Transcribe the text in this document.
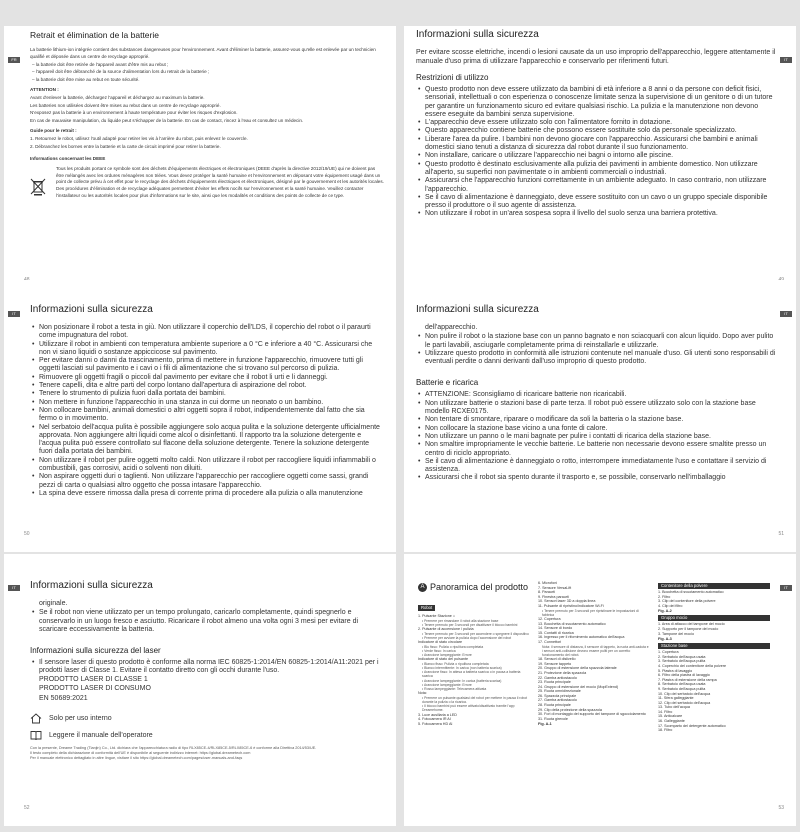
FR
Retrait et élimination de la batterie

La batterie lithium-ion intégrée contient des substances dangereuses pour l'environnement. Avant d'éliminer la batterie, assurez-vous qu'elle est enlevée par un technicien qualifié et déposée dans un centre de recyclage approprié.

– la batterie doit être retirée de l'appareil avant d'être mis au rebut ;

– l'appareil doit être débranché de la source d'alimentation lors du retrait de la batterie ;

– la batterie doit être mise au rebut en toute sécurité.

ATTENTION :

Avant d'enlever la batterie, déchargez l'appareil et déchargez au maximum la batterie.

Les batteries non utilisées doivent être mises au rebut dans un centre de recyclage approprié.

N'exposez pas la batterie à un environnement à haute température pour éviter les risques d'explosion.

En cas de mauvaise manipulation, du liquide peut s'échapper de la batterie. En cas de contact, rincez à l'eau et consultez un médecin.

Guide pour le retrait :

1. Retournez le robot, utilisez l'outil adapté pour retirer les vis à l'arrière du robot, puis enlevez le couvercle.

2. Débranchez les bornes entre la batterie et la carte de circuit imprimé pour retirer la batterie.

Informations concernant les DEEE

Tous les produits portant ce symbole sont des déchets d'équipements électriques et électroniques (DEEE d'après la directive 2012/19/UE) qui ne doivent pas être mélangés avec les ordures ménagères non triées. Vous devez protéger la santé humaine et l'environnement en déposant votre équipement usagé dans un point de collecte prévu à cet effet pour le recyclage des déchets d'équipements électriques et électroniques, désigné par le gouvernement et les autorités locales. Des procédures d'élimination et de recyclage adéquates permettent d'éviter les effets nocifs sur l'environnement et la santé humaine. Veuillez contacter l'installateur ou les autorités locales pour plus d'informations sur le site, ainsi que les modalités et conditions des points de collecte de ce type.
IT
Informazioni sulla sicurezza

Per evitare scosse elettriche, incendi o lesioni causate da un uso improprio dell'apparecchio, leggere attentamente il manuale d'uso prima di utilizzare l'apparecchio e conservarlo per riferimenti futuri.

Restrizioni di utilizzo
• Questo prodotto non deve essere utilizzato da bambini di età inferiore a 8 anni o da persone con deficit fisici, sensoriali, intellettuali o con esperienza o conoscenze limitate senza la supervisione di un genitore o di un tutore per garantire un funzionamento sicuro ed evitare qualsiasi rischio. La pulizia e la manutenzione non devono essere eseguite da bambini senza supervisione.
• L'apparecchio deve essere utilizzato solo con l'alimentatore fornito in dotazione.
• Questo apparecchio contiene batterie che possono essere sostituite solo da personale specializzato.
• Liberare l'area da pulire. I bambini non devono giocare con l'apparecchio. Assicurarsi che bambini e animali domestici siano tenuti a distanza di sicurezza dal robot durante il suo funzionamento.
• Non installare, caricare o utilizzare l'apparecchio nei bagni o intorno alle piscine.
• Questo prodotto è destinato esclusivamente alla pulizia dei pavimenti in ambiente domestico. Non utilizzare all'aperto, su superfici non pavimentate o in ambienti commerciali o industriali.
• Assicurarsi che l'apparecchio funzioni correttamente in un ambiente adeguato. In caso contrario, non utilizzare l'apparecchio.
• Se il cavo di alimentazione è danneggiato, deve essere sostituito con un cavo o un gruppo speciale disponibile presso il produttore o il suo agente di assistenza.
• Non utilizzare il robot in un'area sospesa sopra il livello del suolo senza una barriera protettiva.
IT	Informazioni sulla sicurezza
• Non posizionare il robot a testa in giù. Non utilizzare il coperchio dell'LDS, il coperchio del robot o il paraurti come impugnatura del robot.
• Utilizzare il robot in ambienti con temperatura ambiente superiore a 0 °C e inferiore a 40 °C. Assicurarsi che non vi siano liquidi o sostanze appiccicose sul pavimento.
• Per evitare danni o danni da trascinamento, prima di mettere in funzione l'apparecchio, rimuovere tutti gli oggetti lasciati sul pavimento e i cavi o i fili di alimentazione che si trovano sul percorso di pulizia.
• Rimuovere gli oggetti fragili o piccoli dal pavimento per evitare che il robot li urti e li danneggi.
• Tenere capelli, dita e altre parti del corpo lontano dall'apertura di aspirazione del robot.
• Tenere lo strumento di pulizia fuori dalla portata dei bambini.
• Non mettere in funzione l'apparecchio in una stanza in cui dorme un neonato o un bambino.
• Non collocare bambini, animali domestici o altri oggetti sopra il robot, indipendentemente dal fatto che sia fermo o in movimento.
• Nel serbatoio dell'acqua pulita è possibile aggiungere solo acqua pulita e la soluzione detergente ufficialmente approvata. Non aggiungere altri liquidi come alcol o disinfettanti. Il rapporto tra la soluzione detergente e l'acqua pulita può essere controllato sul flacone della soluzione detergente. Tenere la soluzione detergente fuori dalla portata dei bambini.
• Non utilizzare il robot per pulire oggetti molto caldi. Non utilizzare il robot per raccogliere liquidi infiammabili o combustibili, gas corrosivi, acidi o solventi non diluiti.
• Non aspirare oggetti duri o taglienti. Non utilizzare l'apparecchio per raccogliere oggetti come sassi, grandi pezzi di carta o qualsiasi altro oggetto che possa intasare l'apparecchio.
• La spina deve essere rimossa dalla presa di corrente prima di procedere alla pulizia o alla manutenzione
50
IT
Informazioni sulla sicurezza

dell'apparecchio.

• Non pulire il robot o la stazione base con un panno bagnato e non sciacquarli con alcun liquido. Dopo aver pulito le parti lavabili, asciugarle completamente prima di reinstallarle e utilizzarle.
• Utilizzare questo prodotto in conformità alle istruzioni contenute nel manuale d'uso. Gli utenti sono responsabili di eventuali perdite o danni derivanti dall'uso improprio di questo prodotto.
Batterie e ricarica
• ATTENZIONE: Sconsigliamo di ricaricare batterie non ricaricabili.
• Non utilizzare batterie o stazioni base di parte terza. Il robot può essere utilizzato solo con la stazione base modello RCXE0175.
• Non tentare di smontare, riparare o modificare da soli la batteria o la stazione base.
• Non collocare la stazione base vicino a una fonte di calore.
• Non utilizzare un panno o le mani bagnate per pulire i contatti di ricarica della stazione base.
• Non smaltire impropriamente le vecchie batterie. Le batterie non necessarie devono essere smaltite presso un centro di riciclo appropriato.
• Se il cavo di alimentazione è danneggiato o rotto, interrompere immediatamente l'uso e contattare il servizio di assistenza.
• Assicurarsi che il robot sia spento durante il trasporto e, se possibile, conservarlo nell'imballaggio
51
IT	Informazioni sulla sicurezza

originale.

• Se il robot non viene utilizzato per un tempo prolungato, caricarlo completamente, quindi spegnerlo e conservarlo in un luogo fresco e asciutto. Ricaricare il robot almeno una volta ogni 3 mesi per evitare di scaricare eccessivamente la batteria.
Informazioni sulla sicurezza del laser
• Il sensore laser di questo prodotto è conforme alla norma IEC 60825-1:2014/EN 60825-1:2014/A11:2021 per i prodotti laser di Classe 1. Evitare il contatto diretto con gli occhi durante l'uso.

PRODOTTO LASER DI CLASSE 1

PRODOTTO LASER DI CONSUMO

EN 50689:2021

Solo per uso interno
Leggere il manuale dell'operatore
Con la presente, Dreame Trading (Tianjin) Co., Ltd. dichiara che l'apparecchiatura radio di tipo RLX85CE-4/RLX85CE-5/RLX85CE-6 è conforme alla Direttiva 2014/53/UE.
Il testo completo della dichiarazione di conformità dell'UE è disponibile al seguente indirizzo internet: https://global.dreametech.com
Per il manuale elettronico dettagliato in altre lingue, visitare il sito https://global.dreametech.com/pages/user-manuals-and-faqs
52
IT
A Panoramica del prodotto
Robot
1. Pulsante Stazione ⌂
• Premere per rimandare il robot alla stazione base
• Tenere premuto per 3 secondi per disattivare il blocco bambini
2. Pulsante di accensione / pulizia
• Tenere premuto per 3 secondi per accendere o spegnere il dispositivo
• Premere per avviare la pulizia dopo l'accensione del robot
Indicatore di stato circolare
• Blu fisso: Pulizia o ripulitura completata
• Verde fisso: In carica
• Arancione lampeggiante: Errore
Indicatore di stato del pulsante
• Bianco fisso: Pulizia o ripulitura completata
• Bianco intermittente: In carica (non batteria scarica)
• Arancione fisso: In attesa a batteria scarica o in pausa a batteria scarica
• Arancione lampeggiante: In carica (batteria scarica)
• Arancione lampeggiante: Errore
• Rosso lampeggiante: Telecamera attivata
Nota:
• Premere un pulsante qualsiasi del robot per mettere in pausa il robot durante la pulizia o la ricarica.
• Il blocco bambini può essere attivato/disattivato tramite l'app Dreamehome.
3. Luce ausiliaria a LED
4. Fotocamera IR AI
5. Fotocamera HD AI
6. Microfoni
7. Sensore VersaLift
8. Paraurti
9. Finestra paraurti
10. Sensori laser 3D a doppia linea
11. Pulsante di ripristino/indicatore Wi-Fi
• Tenere premuto per 3 secondi per ripristinare le impostazioni di fabbrica
12. Copertura
13. Bocchetta di svuotamento automatico
14. Sensore di bordo
15. Contatti di ricarica
16. Ingresso per il rifornimento automatico dell'acqua
17. Connettori
Nota: il sensore di distanza, il sensore di tappeto, la ruota anti-caduta e i sensori anti-collisione devono essere puliti per un corretto funzionamento del robot.
18. Sensori di dislivello
19. Sensore tappeto
20. Gruppo di estensione della spazzola laterale
21. Protezione della spazzola
22. Gamba antiostacolo
23. Ruota principale
24. Gruppo di estensione del mocio (MopExtend)
25. Ruota omnidirezionale
26. Spazzola principale
27. Gamba antiostacolo
28. Ruota principale
29. Clip della protezione della spazzola
30. Fori di montaggio del supporto del tampone di sgocciolamento
31. Ruota girevole
Fig. A-1
Contenitore della polvere
1. Bocchetta di svuotamento automatico
2. Filtro
3. Clip del contenitore della polvere
4. Clip del filtro
Fig. A-2
Gruppo mocio
1. Area di attacco del tampone del mocio
2. Supporto per il tampone del mocio
3. Tampone del mocio
Fig. A-3
Stazione base
1. Copertura
2. Serbatoio dell'acqua usata
3. Serbatoio dell'acqua pulita
4. Coperchio del contenitore della polvere
5. Piastra di lavaggio
6. Filtro della piastra di lavaggio
7. Piastra di estensione della rampa
8. Serbatoio dell'acqua usata
9. Serbatoio dell'acqua pulita
10. Clip del serbatoio dell'acqua
11. Sfera galleggiante
12. Clip del serbatoio dell'acqua
13. Tubo dell'acqua
14. Filtro
15. Anticalcare
16. Galleggiante
17. Scomparto del detergente automatico
18. Filtro
53
